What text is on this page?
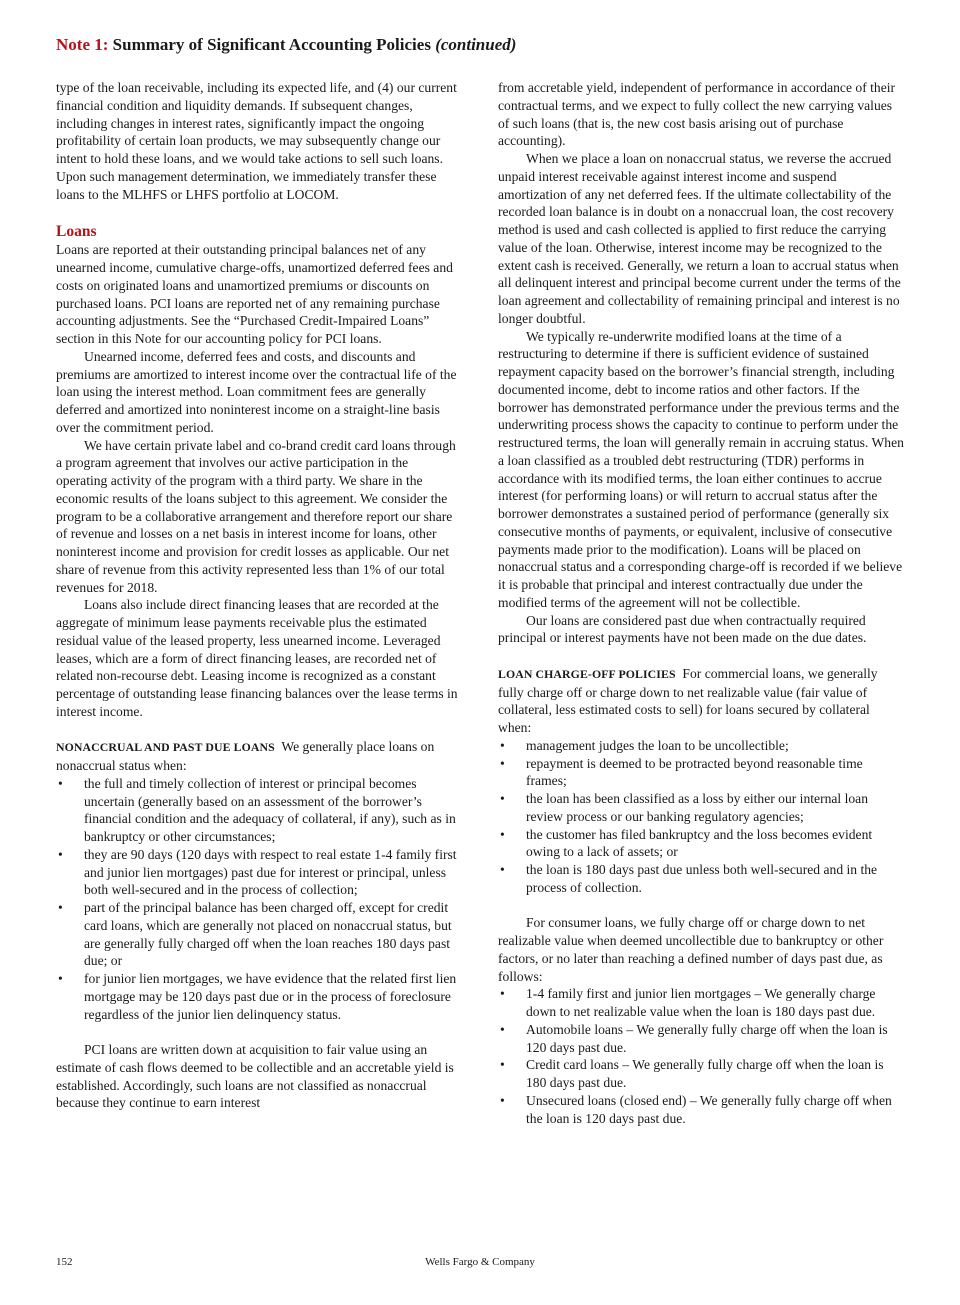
Note 1: Summary of Significant Accounting Policies (continued)

type of the loan receivable, including its expected life, and (4) our current financial condition and liquidity demands. If subsequent changes, including changes in interest rates, significantly impact the ongoing profitability of certain loan products, we may subsequently change our intent to hold these loans, and we would take actions to sell such loans. Upon such management determination, we immediately transfer these loans to the MLHFS or LHFS portfolio at LOCOM.

Loans

Loans are reported at their outstanding principal balances net of any unearned income, cumulative charge-offs, unamortized deferred fees and costs on originated loans and unamortized premiums or discounts on purchased loans. PCI loans are reported net of any remaining purchase accounting adjustments. See the “Purchased Credit-Impaired Loans” section in this Note for our accounting policy for PCI loans.

Unearned income, deferred fees and costs, and discounts and premiums are amortized to interest income over the contractual life of the loan using the interest method. Loan commitment fees are generally deferred and amortized into noninterest income on a straight-line basis over the commitment period.

We have certain private label and co-brand credit card loans through a program agreement that involves our active participation in the operating activity of the program with a third party. We share in the economic results of the loans subject to this agreement. We consider the program to be a collaborative arrangement and therefore report our share of revenue and losses on a net basis in interest income for loans, other noninterest income and provision for credit losses as applicable. Our net share of revenue from this activity represented less than 1% of our total revenues for 2018.

Loans also include direct financing leases that are recorded at the aggregate of minimum lease payments receivable plus the estimated residual value of the leased property, less unearned income. Leveraged leases, which are a form of direct financing leases, are recorded net of related non-recourse debt. Leasing income is recognized as a constant percentage of outstanding lease financing balances over the lease terms in interest income.

NONACCRUAL AND PAST DUE LOANS We generally place loans on nonaccrual status when:

• the full and timely collection of interest or principal becomes uncertain (generally based on an assessment of the borrower’s financial condition and the adequacy of collateral, if any), such as in bankruptcy or other circumstances;
• they are 90 days (120 days with respect to real estate 1-4 family first and junior lien mortgages) past due for interest or principal, unless both well-secured and in the process of collection;
• part of the principal balance has been charged off, except for credit card loans, which are generally not placed on nonaccrual status, but are generally fully charged off when the loan reaches 180 days past due; or
• for junior lien mortgages, we have evidence that the related first lien mortgage may be 120 days past due or in the process of foreclosure regardless of the junior lien delinquency status.

PCI loans are written down at acquisition to fair value using an estimate of cash flows deemed to be collectible and an accretable yield is established. Accordingly, such loans are not classified as nonaccrual because they continue to earn interest

from accretable yield, independent of performance in accordance of their contractual terms, and we expect to fully collect the new carrying values of such loans (that is, the new cost basis arising out of purchase accounting).

When we place a loan on nonaccrual status, we reverse the accrued unpaid interest receivable against interest income and suspend amortization of any net deferred fees. If the ultimate collectability of the recorded loan balance is in doubt on a nonaccrual loan, the cost recovery method is used and cash collected is applied to first reduce the carrying value of the loan. Otherwise, interest income may be recognized to the extent cash is received. Generally, we return a loan to accrual status when all delinquent interest and principal become current under the terms of the loan agreement and collectability of remaining principal and interest is no longer doubtful.

We typically re-underwrite modified loans at the time of a restructuring to determine if there is sufficient evidence of sustained repayment capacity based on the borrower’s financial strength, including documented income, debt to income ratios and other factors. If the borrower has demonstrated performance under the previous terms and the underwriting process shows the capacity to continue to perform under the restructured terms, the loan will generally remain in accruing status. When a loan classified as a troubled debt restructuring (TDR) performs in accordance with its modified terms, the loan either continues to accrue interest (for performing loans) or will return to accrual status after the borrower demonstrates a sustained period of performance (generally six consecutive months of payments, or equivalent, inclusive of consecutive payments made prior to the modification). Loans will be placed on nonaccrual status and a corresponding charge-off is recorded if we believe it is probable that principal and interest contractually due under the modified terms of the agreement will not be collectible.

Our loans are considered past due when contractually required principal or interest payments have not been made on the due dates.

LOAN CHARGE-OFF POLICIES For commercial loans, we generally fully charge off or charge down to net realizable value (fair value of collateral, less estimated costs to sell) for loans secured by collateral when:

• management judges the loan to be uncollectible;
• repayment is deemed to be protracted beyond reasonable time frames;
• the loan has been classified as a loss by either our internal loan review process or our banking regulatory agencies;
• the customer has filed bankruptcy and the loss becomes evident owing to a lack of assets; or
• the loan is 180 days past due unless both well-secured and in the process of collection.

For consumer loans, we fully charge off or charge down to net realizable value when deemed uncollectible due to bankruptcy or other factors, or no later than reaching a defined number of days past due, as follows:

• 1-4 family first and junior lien mortgages – We generally charge down to net realizable value when the loan is 180 days past due.
• Automobile loans – We generally fully charge off when the loan is 120 days past due.
• Credit card loans – We generally fully charge off when the loan is 180 days past due.
• Unsecured loans (closed end) – We generally fully charge off when the loan is 120 days past due.
152	Wells Fargo & Company
